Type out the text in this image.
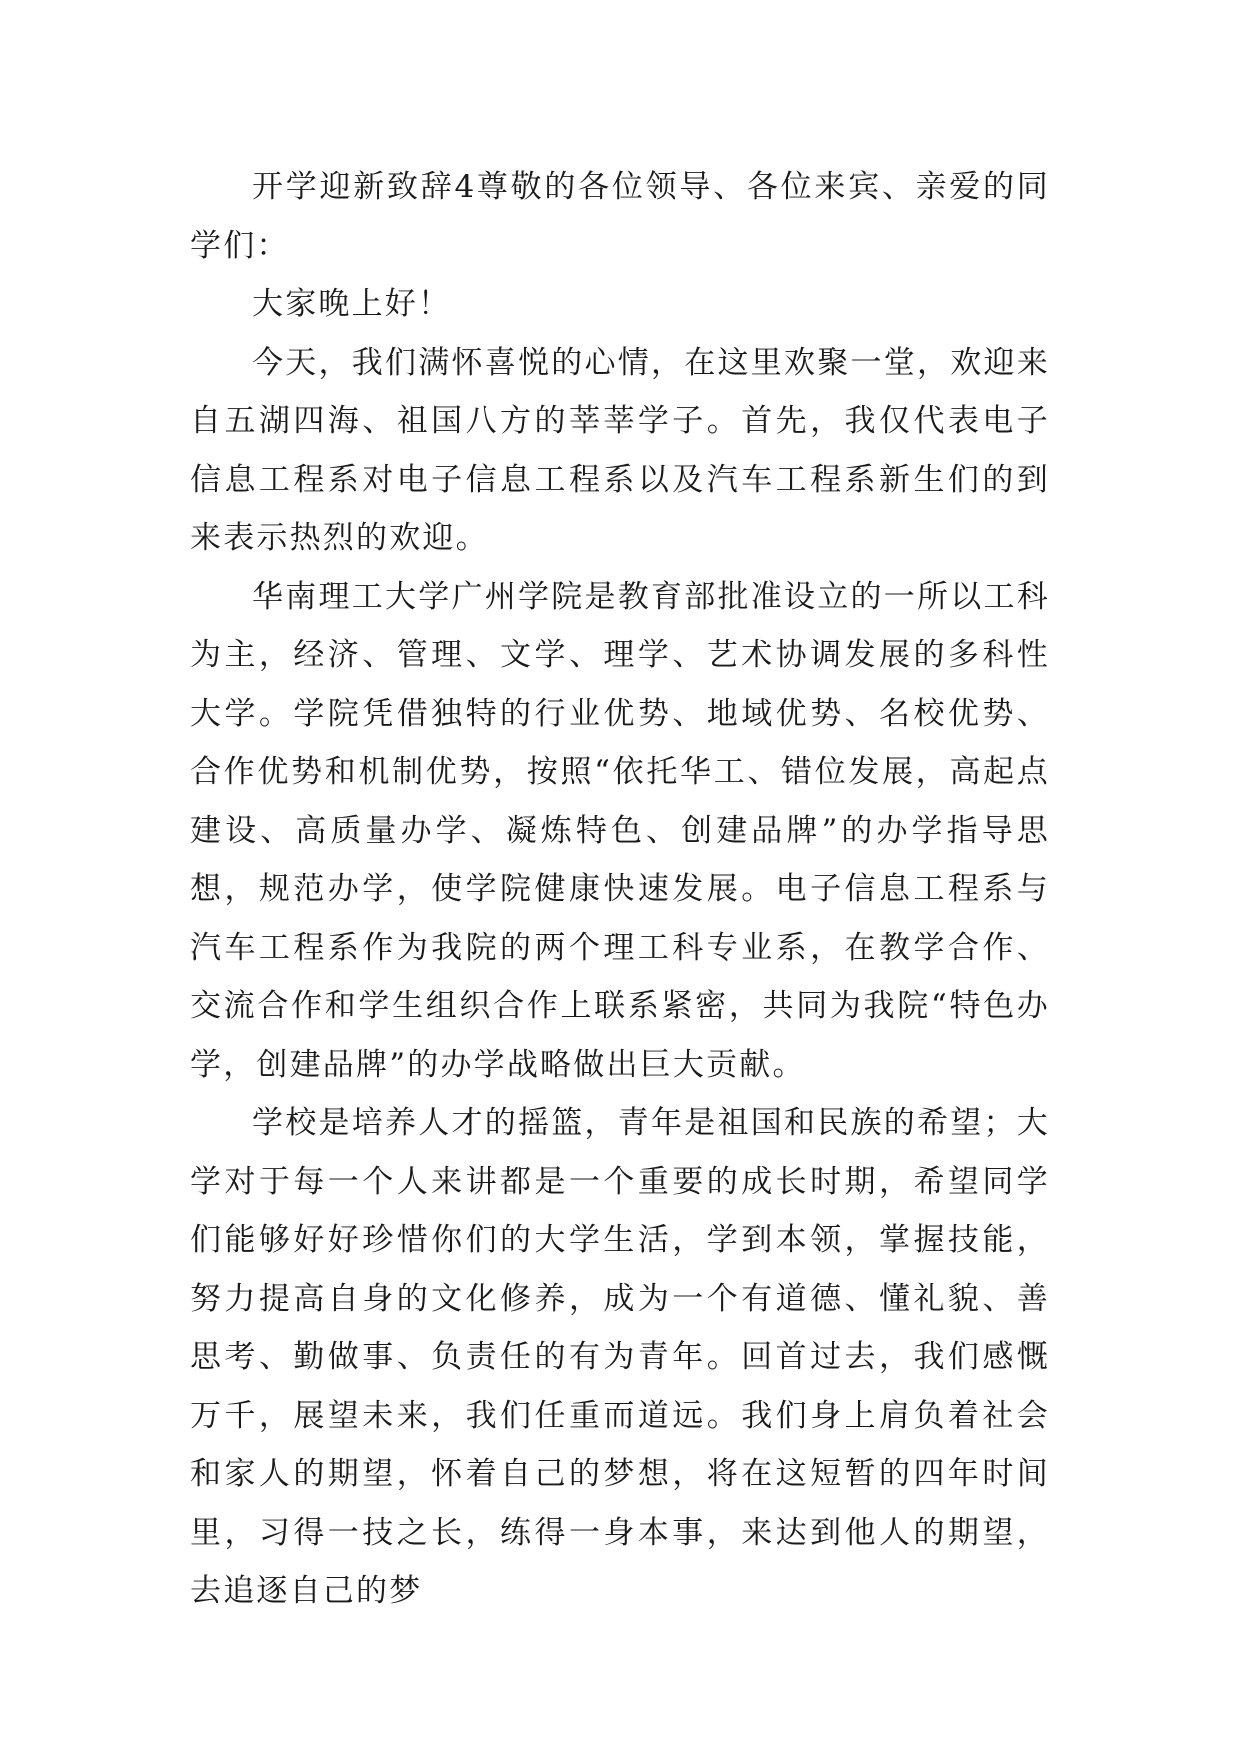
开学迎新致辞4尊敬的各位领导、各位来宾、亲爱的同学们：

大家晚上好！

今天，我们满怀喜悦的心情，在这里欢聚一堂，欢迎来自五湖四海、祖国八方的莘莘学子。首先，我仅代表电子信息工程系对电子信息工程系以及汽车工程系新生们的到来表示热烈的欢迎。

华南理工大学广州学院是教育部批准设立的一所以工科为主，经济、管理、文学、理学、艺术协调发展的多科性大学。学院凭借独特的行业优势、地域优势、名校优势、合作优势和机制优势，按照“依托华工、错位发展，高起点建设、高质量办学、凝炼特色、创建品牌”的办学指导思想，规范办学，使学院健康快速发展。电子信息工程系与汽车工程系作为我院的两个理工科专业系，在教学合作、交流合作和学生组织合作上联系紧密，共同为我院“特色办学，创建品牌”的办学战略做出巨大贡献。

学校是培养人才的摇篮，青年是祖国和民族的希望；大学对于每一个人来讲都是一个重要的成长时期，希望同学们能够好好珍惜你们的大学生活，学到本领，掌握技能，努力提高自身的文化修养，成为一个有道德、懂礼貌、善思考、勤做事、负责任的有为青年。回首过去，我们感慨万千，展望未来，我们任重而道远。我们身上肩负着社会和家人的期望，怀着自己的梦想，将在这短暂的四年时间里，习得一技之长，练得一身本事，来达到他人的期望，去追逐自己的梦
